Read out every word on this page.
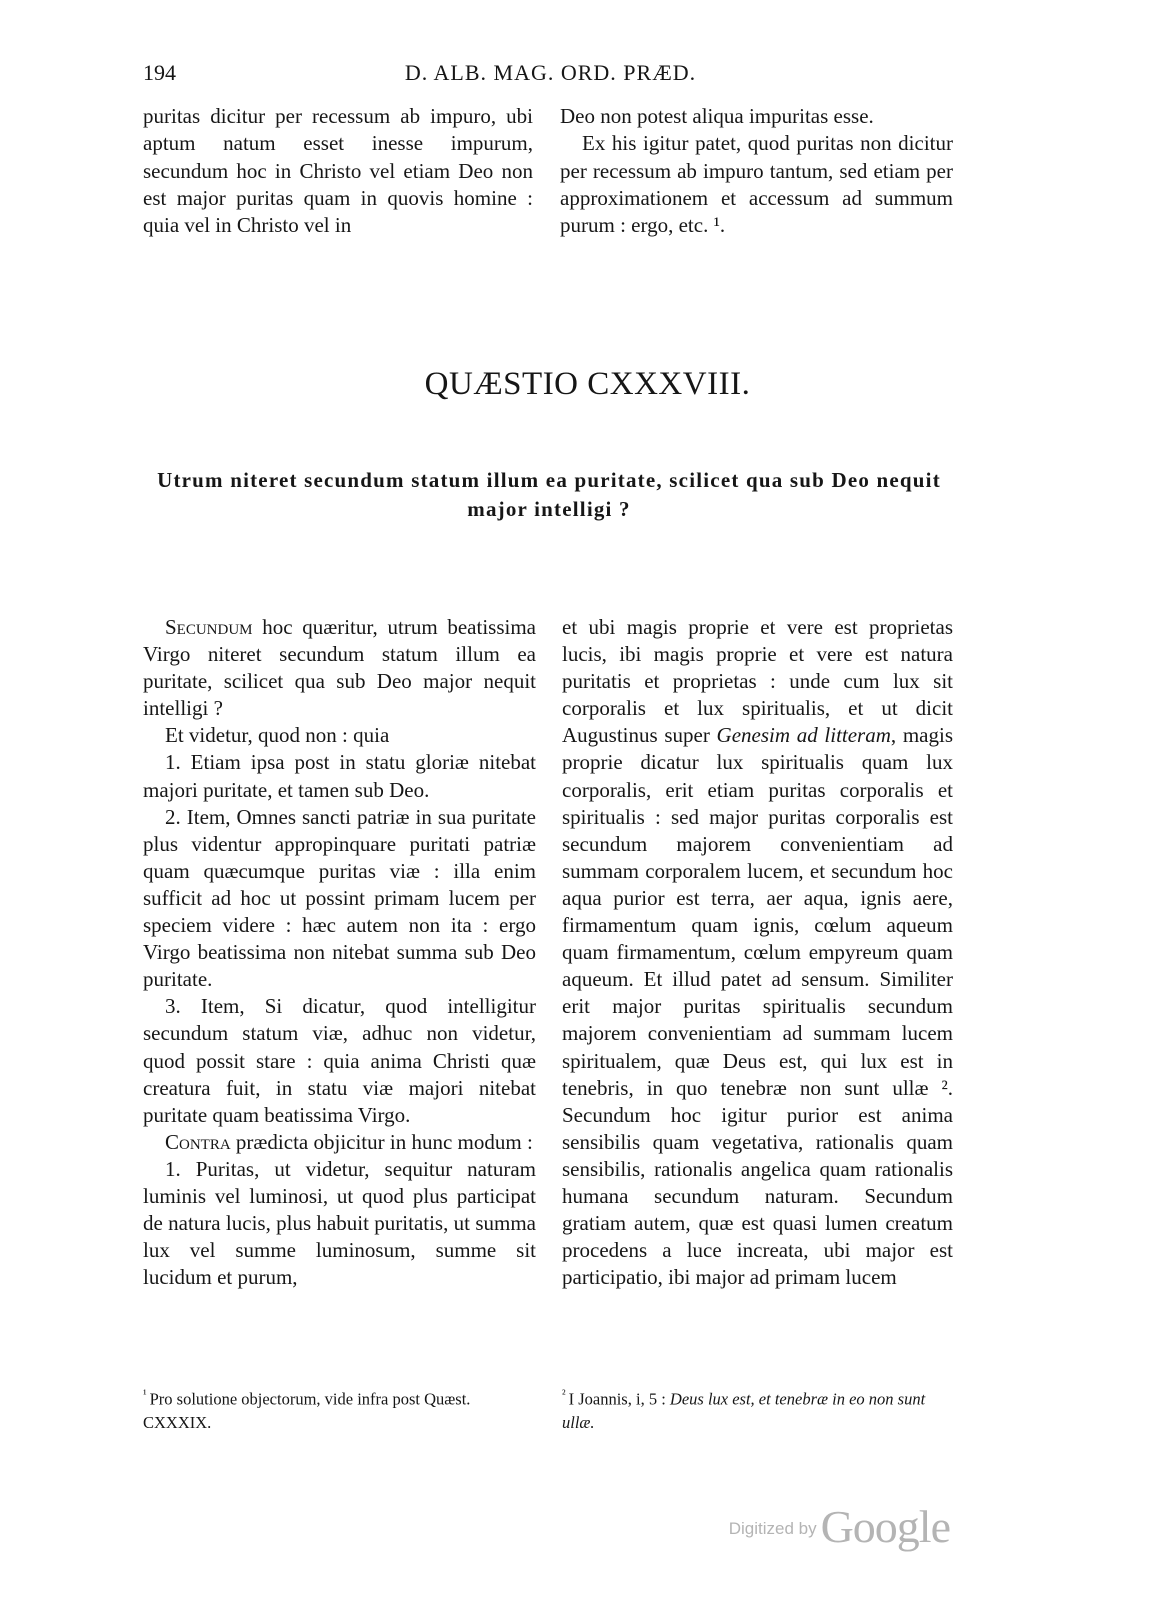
194	D. ALB. MAG. ORD. PRÆD.

puritas dicitur per recessum ab impuro, ubi aptum natum esset inesse impurum, secundum hoc in Christo vel etiam Deo non est major puritas quam in quovis homine : quia vel in Christo vel in

Deo non potest aliqua impuritas esse.

Ex his igitur patet, quod puritas non dicitur per recessum ab impuro tantum, sed etiam per approximationem et accessum ad summum purum : ergo, etc. ¹.

QUÆSTIO CXXXVIII.
Utrum niteret secundum statum illum ea puritate, scilicet qua sub Deo nequit major intelligi ?

Secundum hoc quæritur, utrum beatissima Virgo niteret secundum statum illum ea puritate, scilicet qua sub Deo major nequit intelligi ?

Et videtur, quod non : quia

1. Etiam ipsa post in statu gloriæ nitebat majori puritate, et tamen sub Deo.

2. Item, Omnes sancti patriæ in sua puritate plus videntur appropinquare puritati patriæ quam quæcumque puritas viæ : illa enim sufficit ad hoc ut possint primam lucem per speciem videre : hæc autem non ita : ergo Virgo beatissima non nitebat summa sub Deo puritate.

3. Item, Si dicatur, quod intelligitur secundum statum viæ, adhuc non videtur, quod possit stare : quia anima Christi quæ creatura fuit, in statu viæ majori nitebat puritate quam beatissima Virgo.

Contra prædicta objicitur in hunc modum :

1. Puritas, ut videtur, sequitur naturam luminis vel luminosi, ut quod plus participat de natura lucis, plus habuit puritatis, ut summa lux vel summe luminosum, summe sit lucidum et purum,

et ubi magis proprie et vere est proprietas lucis, ibi magis proprie et vere est natura puritatis et proprietas : unde cum lux sit corporalis et lux spiritualis, et ut dicit Augustinus super Genesim ad litteram, magis proprie dicatur lux spiritualis quam lux corporalis, erit etiam puritas corporalis et spiritualis : sed major puritas corporalis est secundum majorem convenientiam ad summam corporalem lucem, et secundum hoc aqua purior est terra, aer aqua, ignis aere, firmamentum quam ignis, cœlum aqueum quam firmamentum, cœlum empyreum quam aqueum. Et illud patet ad sensum. Similiter erit major puritas spiritualis secundum majorem convenientiam ad summam lucem spiritualem, quæ Deus est, qui lux est in tenebris, in quo tenebræ non sunt ullæ ². Secundum hoc igitur purior est anima sensibilis quam vegetativa, rationalis quam sensibilis, rationalis angelica quam rationalis humana secundum naturam. Secundum gratiam autem, quæ est quasi lumen creatum procedens a luce increata, ubi major est participatio, ibi major ad primam lucem

$^{^1}$ Pro solutione objectorum, vide infra post Quæst. CXXXIX.
$^{^2}$ I Joannis, i, 5 : Deus lux est, et tenebræ in eo non sunt ullæ.
Digitized by Google
